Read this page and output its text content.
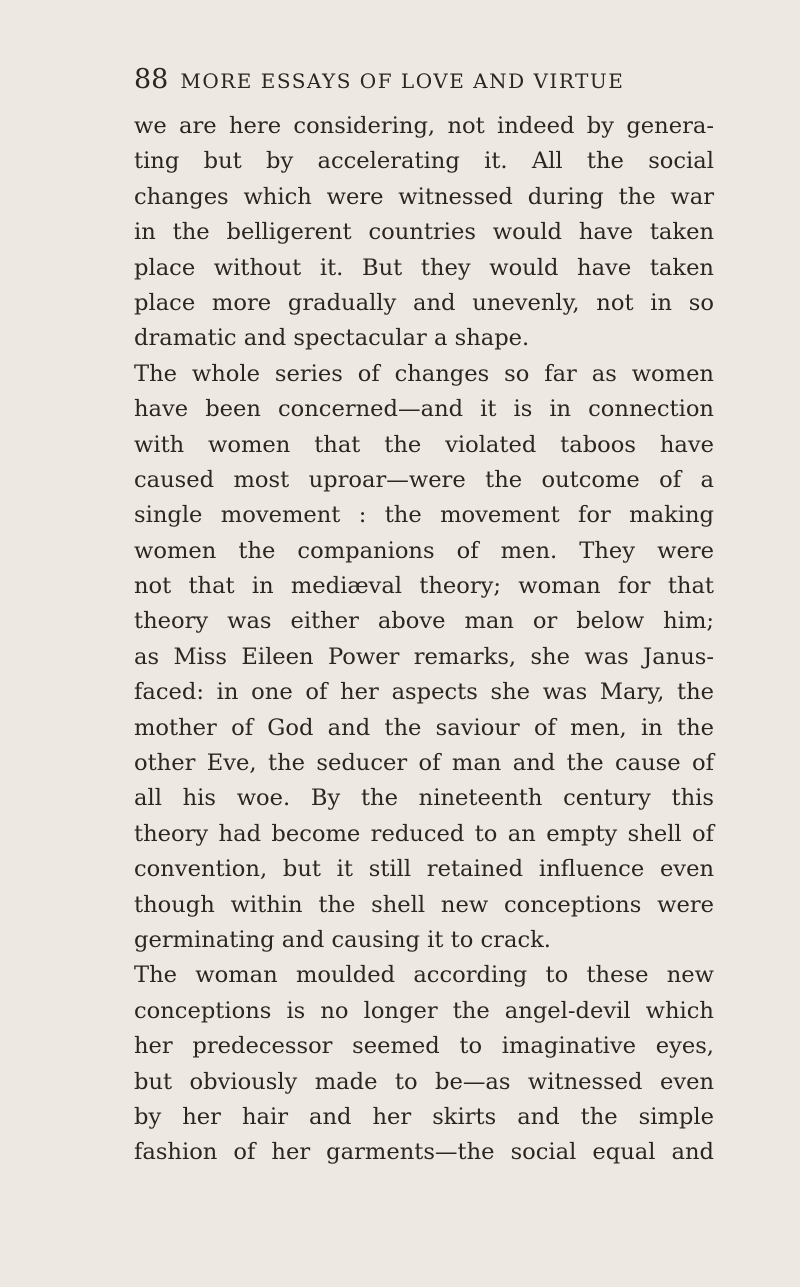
88 MORE ESSAYS OF LOVE AND VIRTUE
we are here considering, not indeed by genera-
ting but by accelerating it. All the social
changes which were witnessed during the war
in the belligerent countries would have taken
place without it. But they would have taken
place more gradually and unevenly, not in so
dramatic and spectacular a shape.
The whole series of changes so far as women
have been concerned—and it is in connection
with women that the violated taboos have
caused most uproar—were the outcome of a
single movement : the movement for making
women the companions of men. They were
not that in mediæval theory; woman for that
theory was either above man or below him;
as Miss Eileen Power remarks, she was Janus-
faced: in one of her aspects she was Mary, the
mother of God and the saviour of men, in the
other Eve, the seducer of man and the cause of
all his woe. By the nineteenth century this
theory had become reduced to an empty shell of
convention, but it still retained influence even
though within the shell new conceptions were
germinating and causing it to crack.
The woman moulded according to these new
conceptions is no longer the angel-devil which
her predecessor seemed to imaginative eyes,
but obviously made to be—as witnessed even
by her hair and her skirts and the simple
fashion of her garments—the social equal and
